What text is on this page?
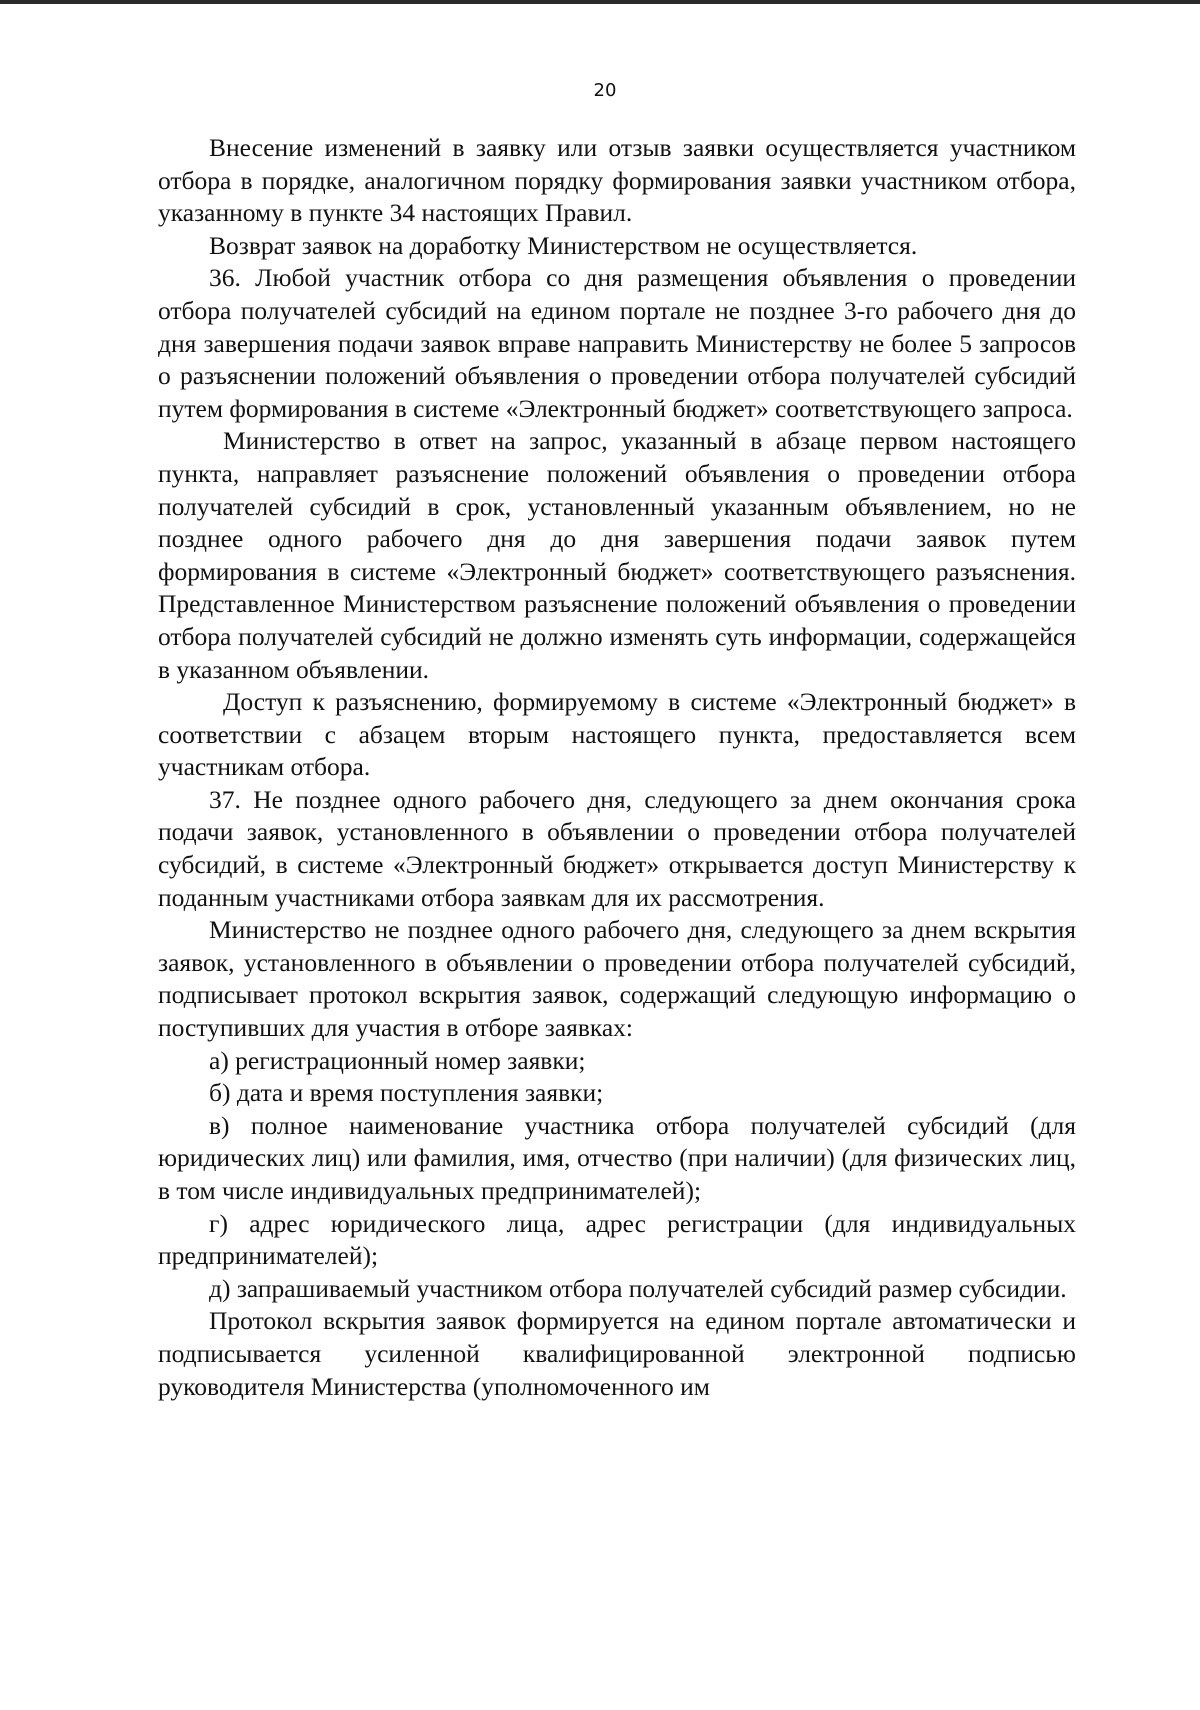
20

Внесение изменений в заявку или отзыв заявки осуществляется участником отбора в порядке, аналогичном порядку формирования заявки участником отбора, указанному в пункте 34 настоящих Правил.

Возврат заявок на доработку Министерством не осуществляется.

36. Любой участник отбора со дня размещения объявления о проведении отбора получателей субсидий на едином портале не позднее 3-го рабочего дня до дня завершения подачи заявок вправе направить Министерству не более 5 запросов о разъяснении положений объявления о проведении отбора получателей субсидий путем формирования в системе «Электронный бюджет» соответствующего запроса.

Министерство в ответ на запрос, указанный в абзаце первом настоящего пункта, направляет разъяснение положений объявления о проведении отбора получателей субсидий в срок, установленный указанным объявлением, но не позднее одного рабочего дня до дня завершения подачи заявок путем формирования в системе «Электронный бюджет» соответствующего разъяснения. Представленное Министерством разъяснение положений объявления о проведении отбора получателей субсидий не должно изменять суть информации, содержащейся в указанном объявлении.

Доступ к разъяснению, формируемому в системе «Электронный бюджет» в соответствии с абзацем вторым настоящего пункта, предоставляется всем участникам отбора.

37. Не позднее одного рабочего дня, следующего за днем окончания срока подачи заявок, установленного в объявлении о проведении отбора получателей субсидий, в системе «Электронный бюджет» открывается доступ Министерству к поданным участниками отбора заявкам для их рассмотрения.

Министерство не позднее одного рабочего дня, следующего за днем вскрытия заявок, установленного в объявлении о проведении отбора получателей субсидий, подписывает протокол вскрытия заявок, содержащий следующую информацию о поступивших для участия в отборе заявках:

а) регистрационный номер заявки;

б) дата и время поступления заявки;

в) полное наименование участника отбора получателей субсидий (для юридических лиц) или фамилия, имя, отчество (при наличии) (для физических лиц, в том числе индивидуальных предпринимателей);

г) адрес юридического лица, адрес регистрации (для индивидуальных предпринимателей);

д) запрашиваемый участником отбора получателей субсидий размер субсидии.

Протокол вскрытия заявок формируется на едином портале автоматически и подписывается усиленной квалифицированной электронной подписью руководителя Министерства (уполномоченного им
